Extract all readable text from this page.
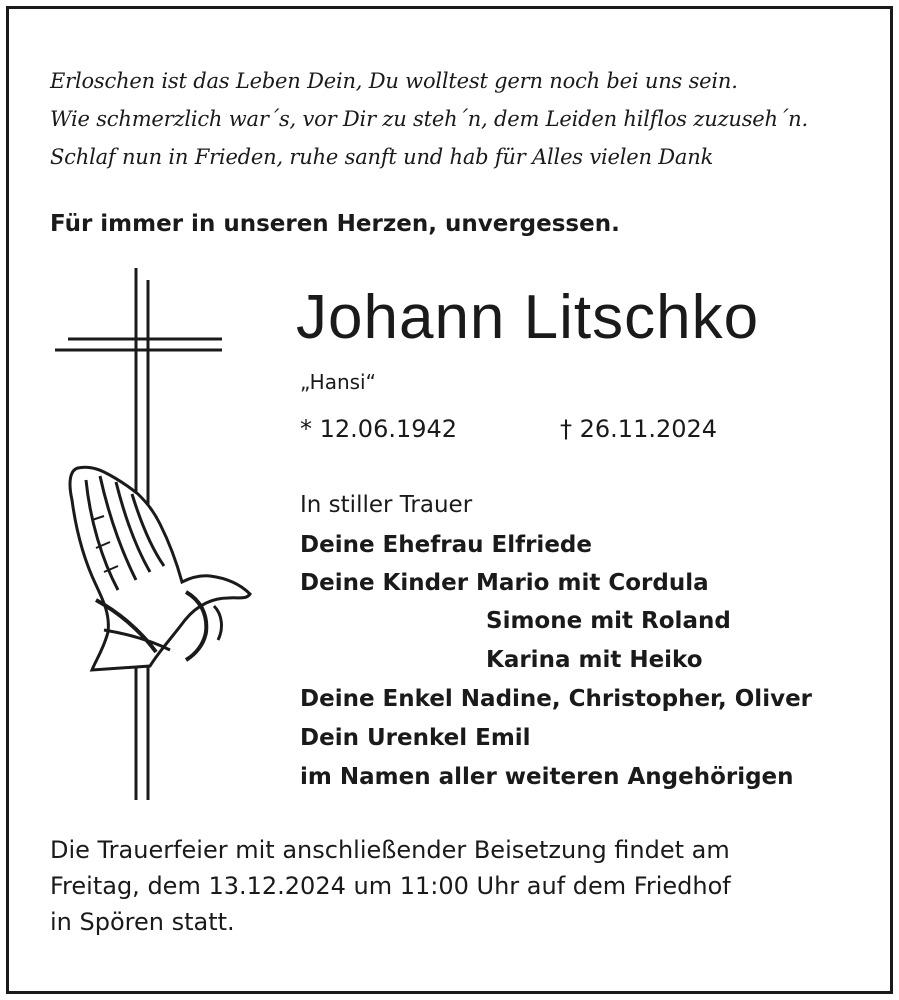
Erloschen ist das Leben Dein, Du wolltest gern noch bei uns sein.
Wie schmerzlich war´s, vor Dir zu steh´n, dem Leiden hilflos zuzuseh´n.
Schlaf nun in Frieden, ruhe sanft und hab für Alles vielen Dank
Für immer in unseren Herzen, unvergessen.
Johann Litschko
„Hansi“
* 12.06.1942	† 26.11.2024
In stiller Trauer
Deine Ehefrau Elfriede
Deine Kinder Mario mit Cordula
Simone mit Roland
Karina mit Heiko
Deine Enkel Nadine, Christopher, Oliver
Dein Urenkel Emil
im Namen aller weiteren Angehörigen
Die Trauerfeier mit anschließender Beisetzung findet am
Freitag, dem 13.12.2024 um 11:00 Uhr auf dem Friedhof
in Spören statt.
